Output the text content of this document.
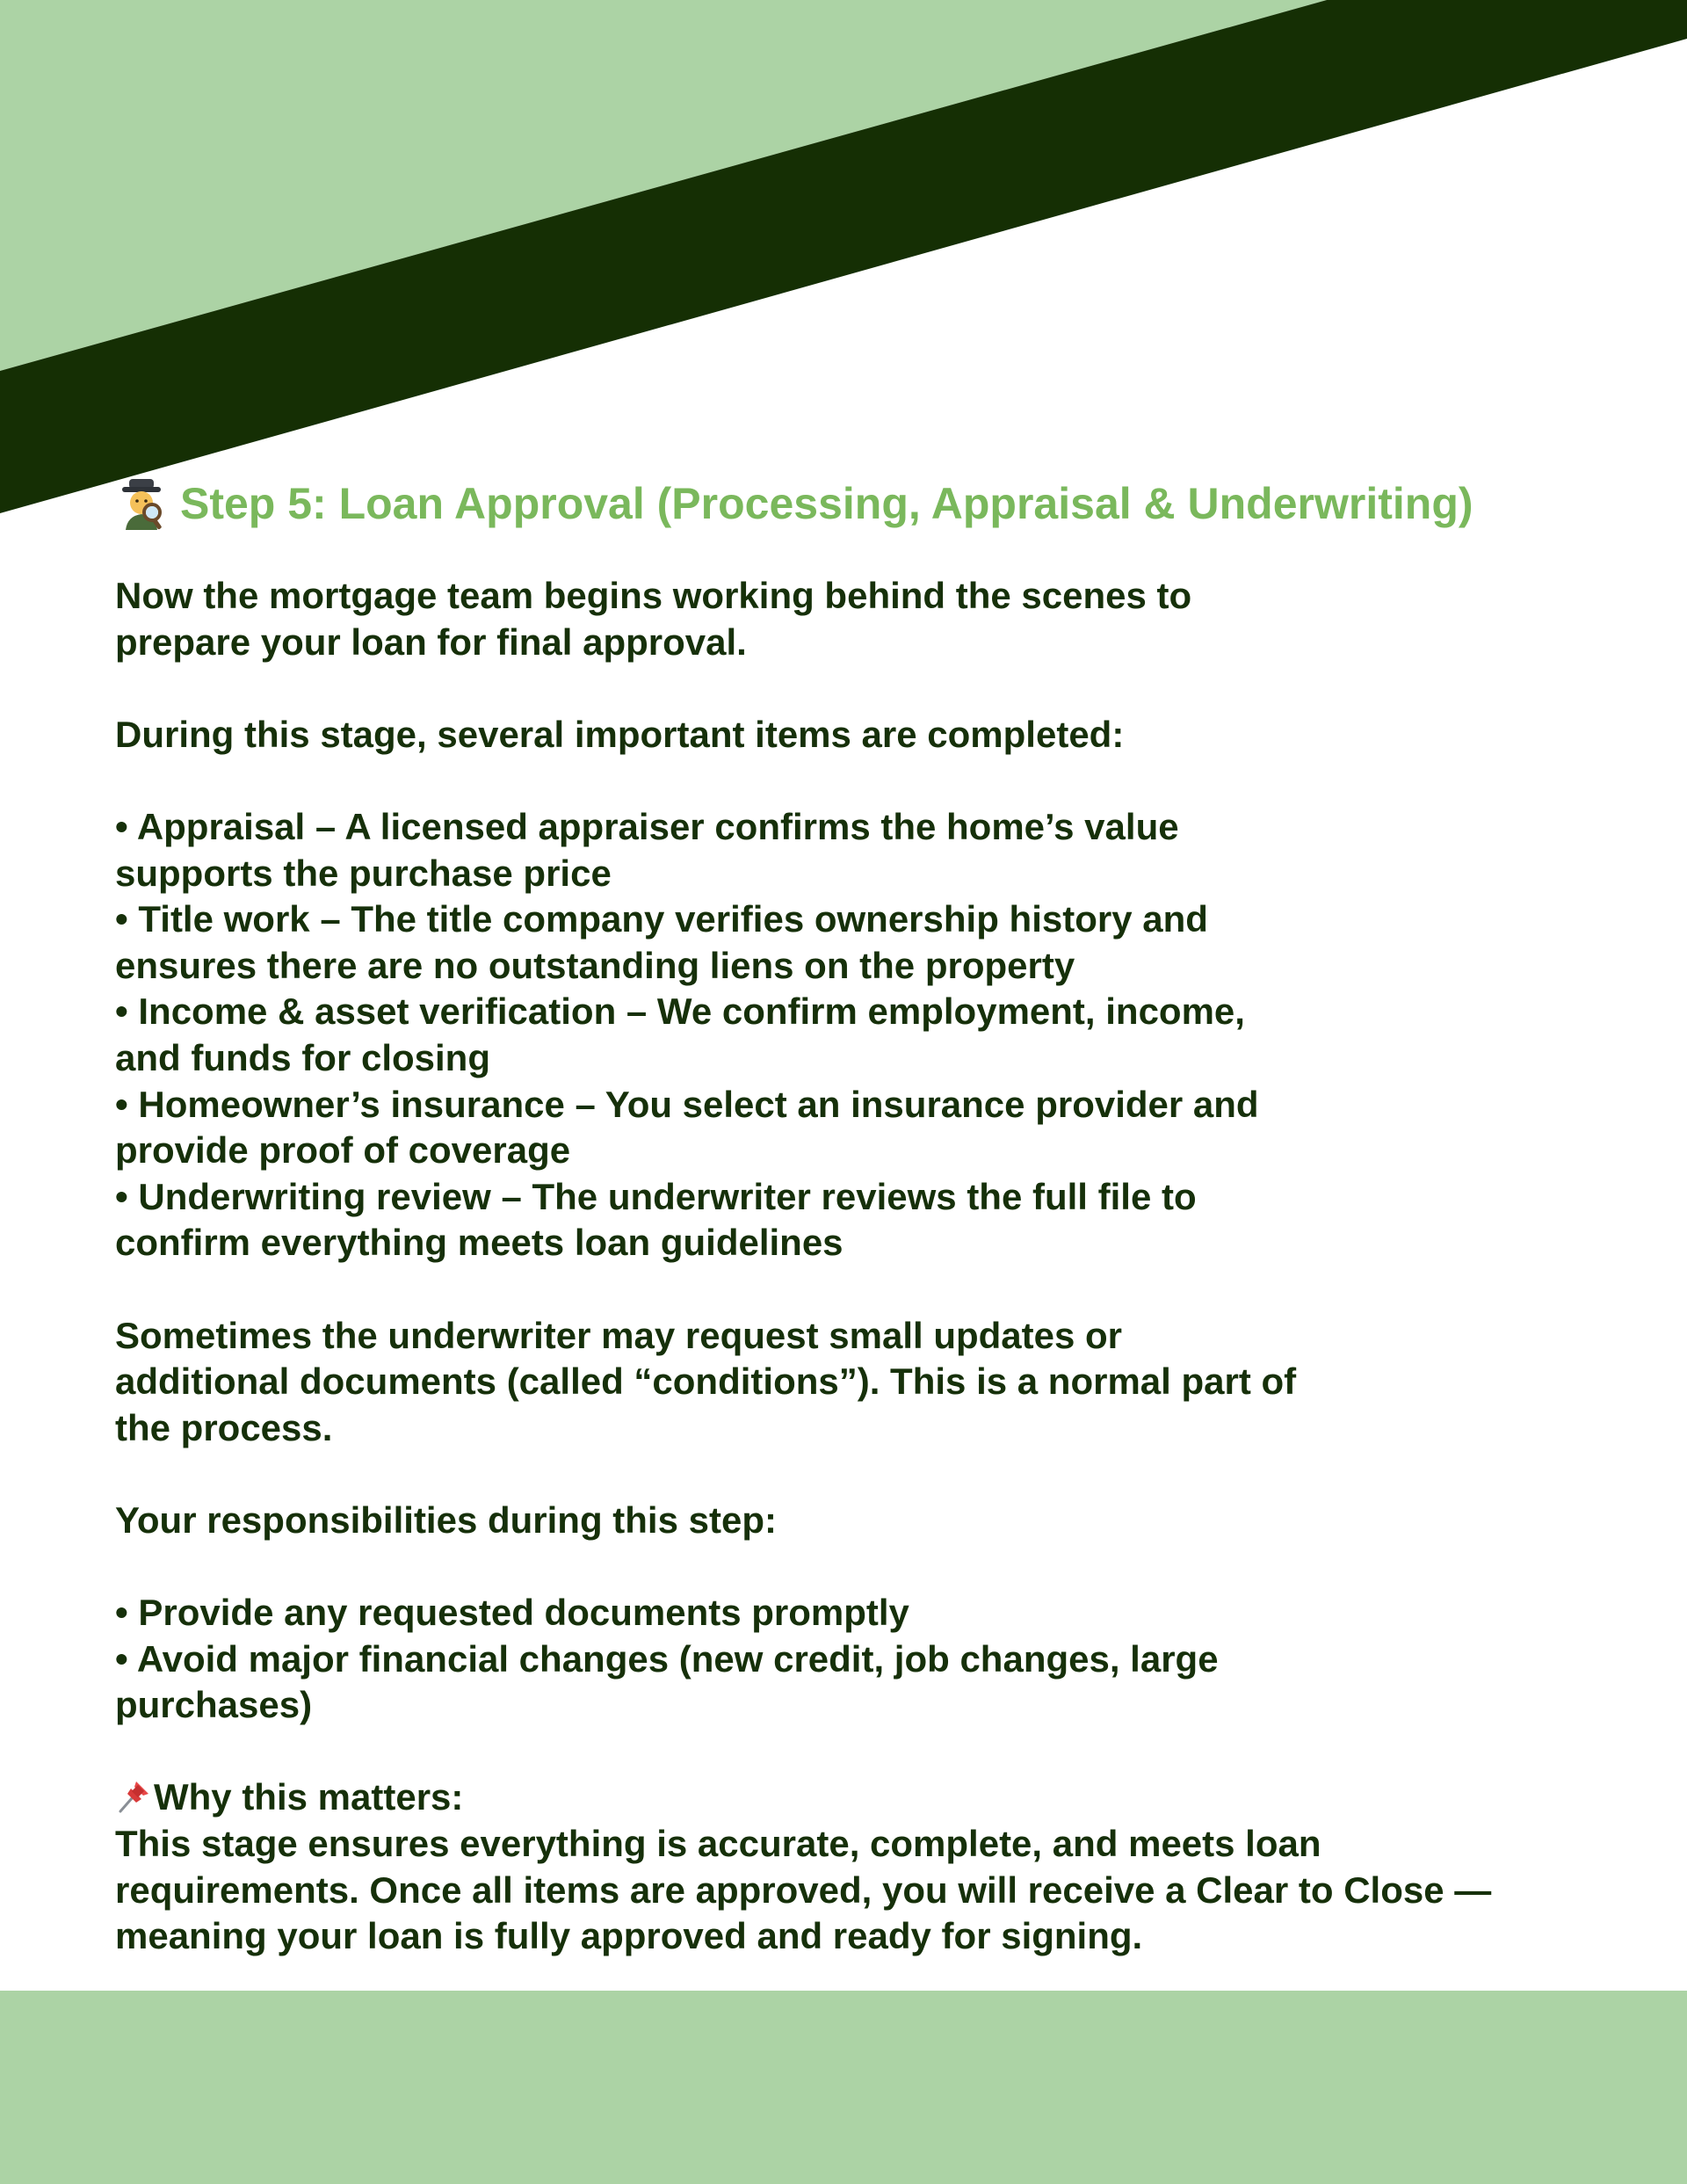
Step 5: Loan Approval (Processing, Appraisal & Underwriting)
Now the mortgage team begins working behind the scenes to
prepare your loan for final approval.
During this stage, several important items are completed:
• Appraisal – A licensed appraiser confirms the home’s value
supports the purchase price
• Title work – The title company verifies ownership history and
ensures there are no outstanding liens on the property
• Income & asset verification – We confirm employment, income,
and funds for closing
• Homeowner’s insurance – You select an insurance provider and
provide proof of coverage
• Underwriting review – The underwriter reviews the full file to
confirm everything meets loan guidelines
Sometimes the underwriter may request small updates or
additional documents (called “conditions”). This is a normal part of
the process.
Your responsibilities during this step:
• Provide any requested documents promptly
• Avoid major financial changes (new credit, job changes, large
purchases)
Why this matters:
This stage ensures everything is accurate, complete, and meets loan
requirements. Once all items are approved, you will receive a Clear to Close —
meaning your loan is fully approved and ready for signing.
